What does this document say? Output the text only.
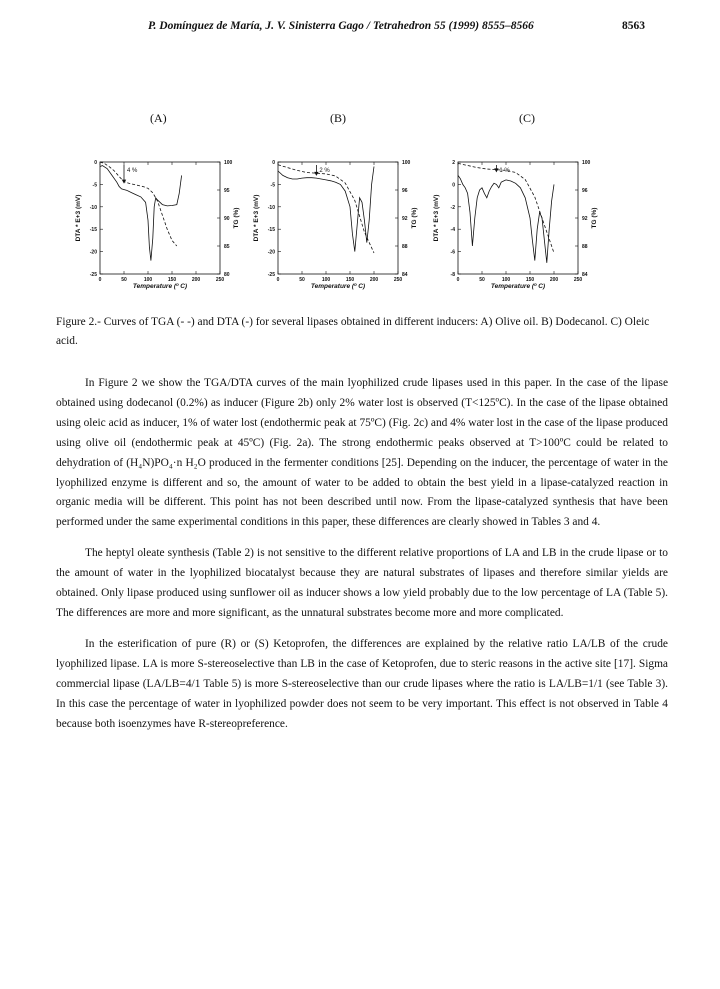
P. Domínguez de María, J. V. Sinisterra Gago / Tetrahedron 55 (1999) 8555–8566	8563
(A)	(B)	(C)
0	50	100	150	200	250
0
-5
-10
-15
-20
-25
100
95
90
85
80
DTA * E+3 (mV)	TG (%)
Temperature (º C)
4 %
0	50	100	150	200	250
0
-5
-10
-15
-20
-25
100
96
92
88
84
DTA * E+3 (mV)	TG (%)
Temperature (º C)
2 %
0	50	100	150	200	250
2
0
-2
-4
-6
-8
100
96
92
88
84
DTA * E+3 (mV)	TG (%)
Temperature (º C)
1 %
Figure 2.- Curves of TGA (- -) and DTA (-) for several lipases obtained in different inducers: A) Olive oil. B) Dodecanol. C) Oleic acid.

In Figure 2 we show the TGA/DTA curves of the main lyophilized crude lipases used in this paper. In the case of the lipase obtained using dodecanol (0.2%) as inducer (Figure 2b) only 2% water lost is observed (T<125ºC). In the case of the lipase obtained using oleic acid as inducer, 1% of water lost (endothermic peak at 75ºC) (Fig. 2c) and 4% water lost in the case of the lipase produced using olive oil (endothermic peak at 45ºC) (Fig. 2a). The strong endothermic peaks observed at T>100ºC could be related to dehydration of (H₄N)PO₄·n H₂O produced in the fermenter conditions [25]. Depending on the inducer, the percentage of water in the lyophilized enzyme is different and so, the amount of water to be added to obtain the best yield in a lipase-catalyzed reaction in organic media will be different. This point has not been described until now. From the lipase-catalyzed synthesis that have been performed under the same experimental conditions in this paper, these differences are clearly showed in Tables 3 and 4.

The heptyl oleate synthesis (Table 2) is not sensitive to the different relative proportions of LA and LB in the crude lipase or to the amount of water in the lyophilized biocatalyst because they are natural substrates of lipases and therefore similar yields are obtained. Only lipase produced using sunflower oil as inducer shows a low yield probably due to the low percentage of LA (Table 5). The differences are more and more significant, as the unnatural substrates become more and more complicated.

In the esterification of pure (R) or (S) Ketoprofen, the differences are explained by the relative ratio LA/LB of the crude lyophilized lipase. LA is more S-stereoselective than LB in the case of Ketoprofen, due to steric reasons in the active site [17]. Sigma commercial lipase (LA/LB=4/1 Table 5) is more S-stereoselective than our crude lipases where the ratio is LA/LB=1/1 (see Table 3). In this case the percentage of water in lyophilized powder does not seem to be very important. This effect is not observed in Table 4 because both isoenzymes have R-stereopreference.
